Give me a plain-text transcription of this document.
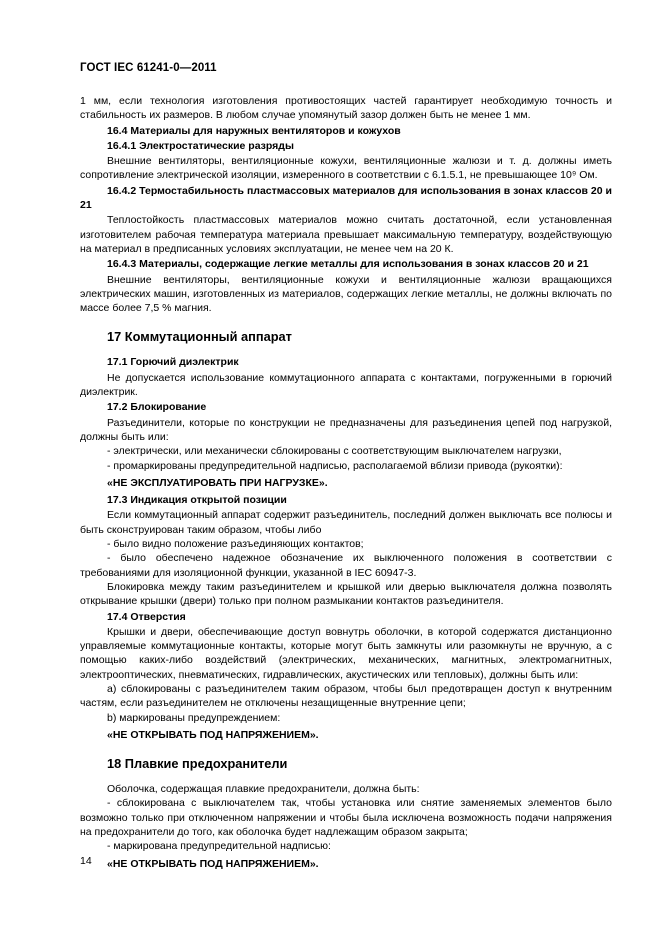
ГОСТ IEC 61241-0—2011

1 мм, если технология изготовления противостоящих частей гарантирует необходимую точность и стабильность их размеров. В любом случае упомянутый зазор должен быть не менее 1 мм.

16.4 Материалы для наружных вентиляторов и кожухов

16.4.1 Электростатические разряды

Внешние вентиляторы, вентиляционные кожухи, вентиляционные жалюзи и т. д. должны иметь сопротивление электрической изоляции, измеренного в соответствии с 6.1.5.1, не превышающее 10⁹ Ом.

16.4.2 Термостабильность пластмассовых материалов для использования в зонах классов 20 и 21

Теплостойкость пластмассовых материалов можно считать достаточной, если установленная изготовителем рабочая температура материала превышает максимальную температуру, воздействующую на материал в предписанных условиях эксплуатации, не менее чем на 20 К.

16.4.3 Материалы, содержащие легкие металлы для использования в зонах классов 20 и 21

Внешние вентиляторы, вентиляционные кожухи и вентиляционные жалюзи вращающихся электрических машин, изготовленных из материалов, содержащих легкие металлы, не должны включать по массе более 7,5 % магния.

17 Коммутационный аппарат

17.1 Горючий диэлектрик

Не допускается использование коммутационного аппарата с контактами, погруженными в горючий диэлектрик.

17.2 Блокирование

Разъединители, которые по конструкции не предназначены для разъединения цепей под нагрузкой, должны быть или:

- электрически, или механически сблокированы с соответствующим выключателем нагрузки,

- промаркированы предупредительной надписью, располагаемой вблизи привода (рукоятки):

«НЕ ЭКСПЛУАТИРОВАТЬ ПРИ НАГРУЗКЕ».

17.3 Индикация открытой позиции

Если коммутационный аппарат содержит разъединитель, последний должен выключать все полюсы и быть сконструирован таким образом, чтобы либо

- было видно положение разъединяющих контактов;

- было обеспечено надежное обозначение их выключенного положения в соответствии с требованиями для изоляционной функции, указанной в IEC 60947-3.

Блокировка между таким разъединителем и крышкой или дверью выключателя должна позволять открывание крышки (двери) только при полном размыкании контактов разъединителя.

17.4 Отверстия

Крышки и двери, обеспечивающие доступ вовнутрь оболочки, в которой содержатся дистанционно управляемые коммутационные контакты, которые могут быть замкнуты или разомкнуты не вручную, а с помощью каких-либо воздействий (электрических, механических, магнитных, электромагнитных, электрооптических, пневматических, гидравлических, акустических или тепловых), должны быть или:

a) сблокированы с разъединителем таким образом, чтобы был предотвращен доступ к внутренним частям, если разъединителем не отключены незащищенные внутренние цепи;

b) маркированы предупреждением:

«НЕ ОТКРЫВАТЬ ПОД НАПРЯЖЕНИЕМ».

18 Плавкие предохранители

Оболочка, содержащая плавкие предохранители, должна быть:

- сблокирована с выключателем так, чтобы установка или снятие заменяемых элементов было возможно только при отключенном напряжении и чтобы была исключена возможность подачи напряжения на предохранители до того, как оболочка будет надлежащим образом закрыта;

- маркирована предупредительной надписью:

«НЕ ОТКРЫВАТЬ ПОД НАПРЯЖЕНИЕМ».

14
